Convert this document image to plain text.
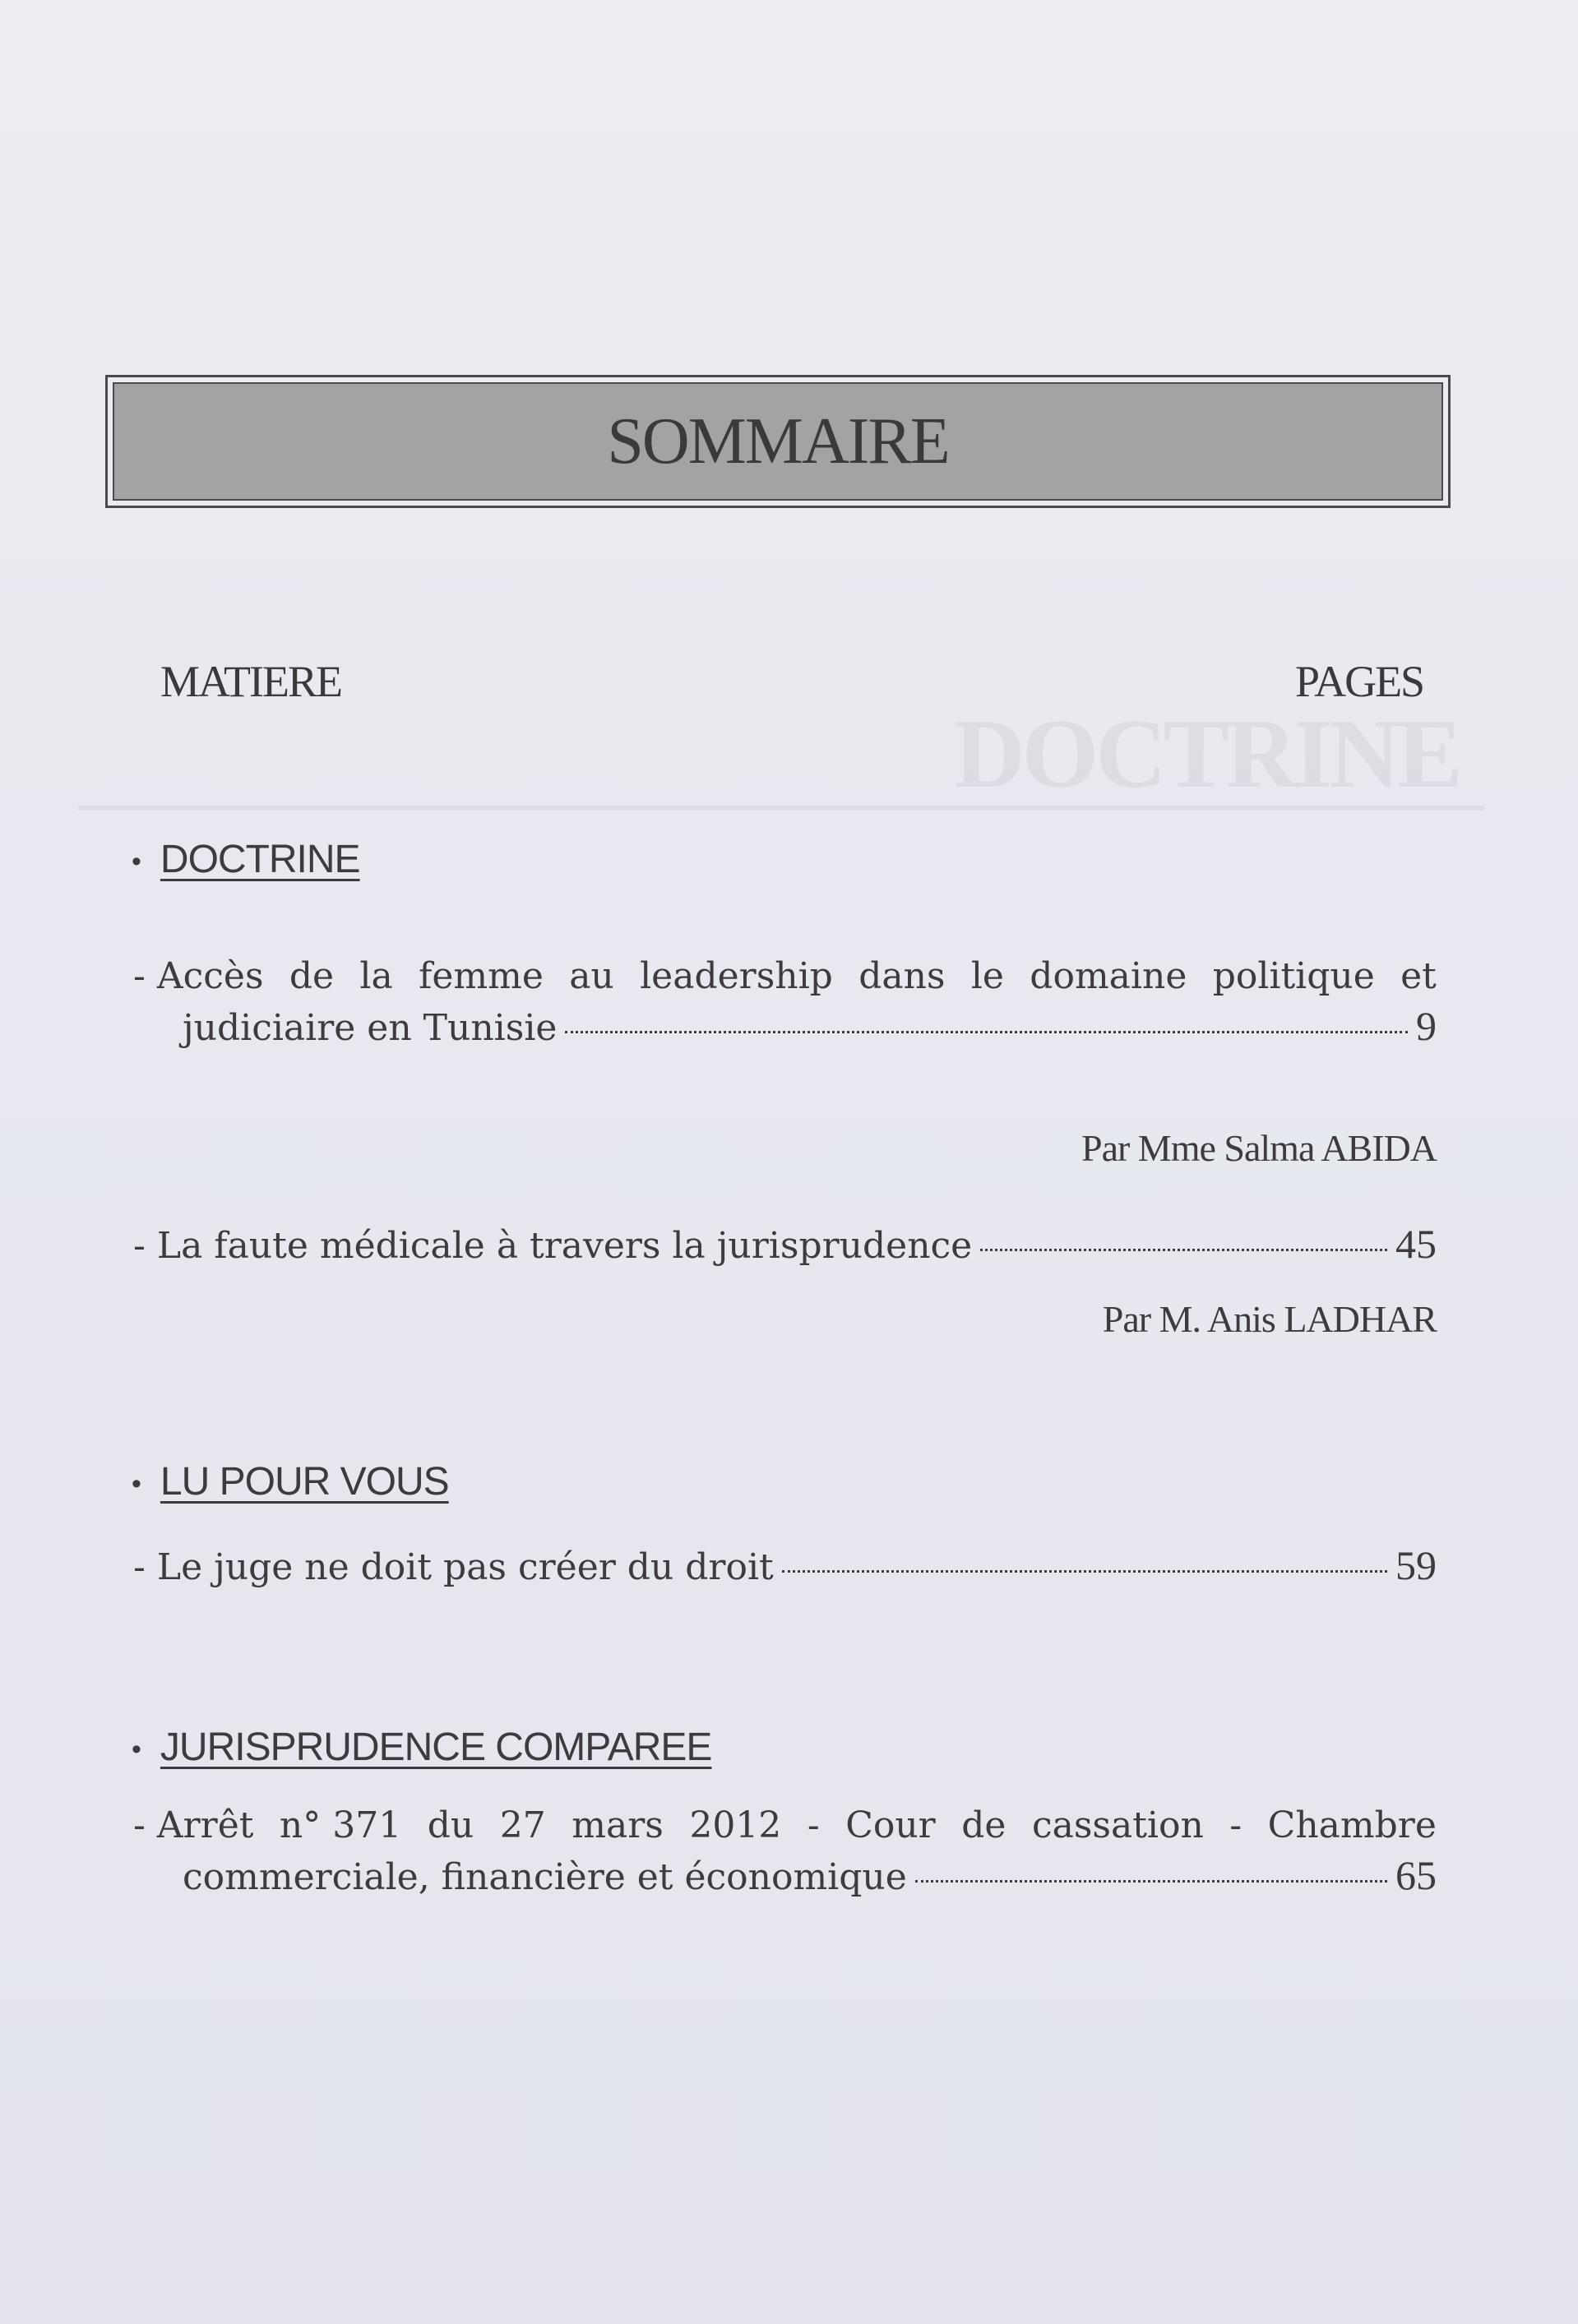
SOMMAIRE
MATIERE	PAGES
DOCTRINE
• DOCTRINE
- Accès de la femme au leadership dans le domaine politique et
judiciaire en Tunisie	9
Par Mme Salma ABIDA
- La faute médicale à travers la jurisprudence	45
Par M. Anis LADHAR
• LU POUR VOUS
- Le juge ne doit pas créer du droit	59
• JURISPRUDENCE COMPAREE
- Arrêt n° 371 du 27 mars 2012 - Cour de cassation - Chambre
commerciale, financière et économique	65
